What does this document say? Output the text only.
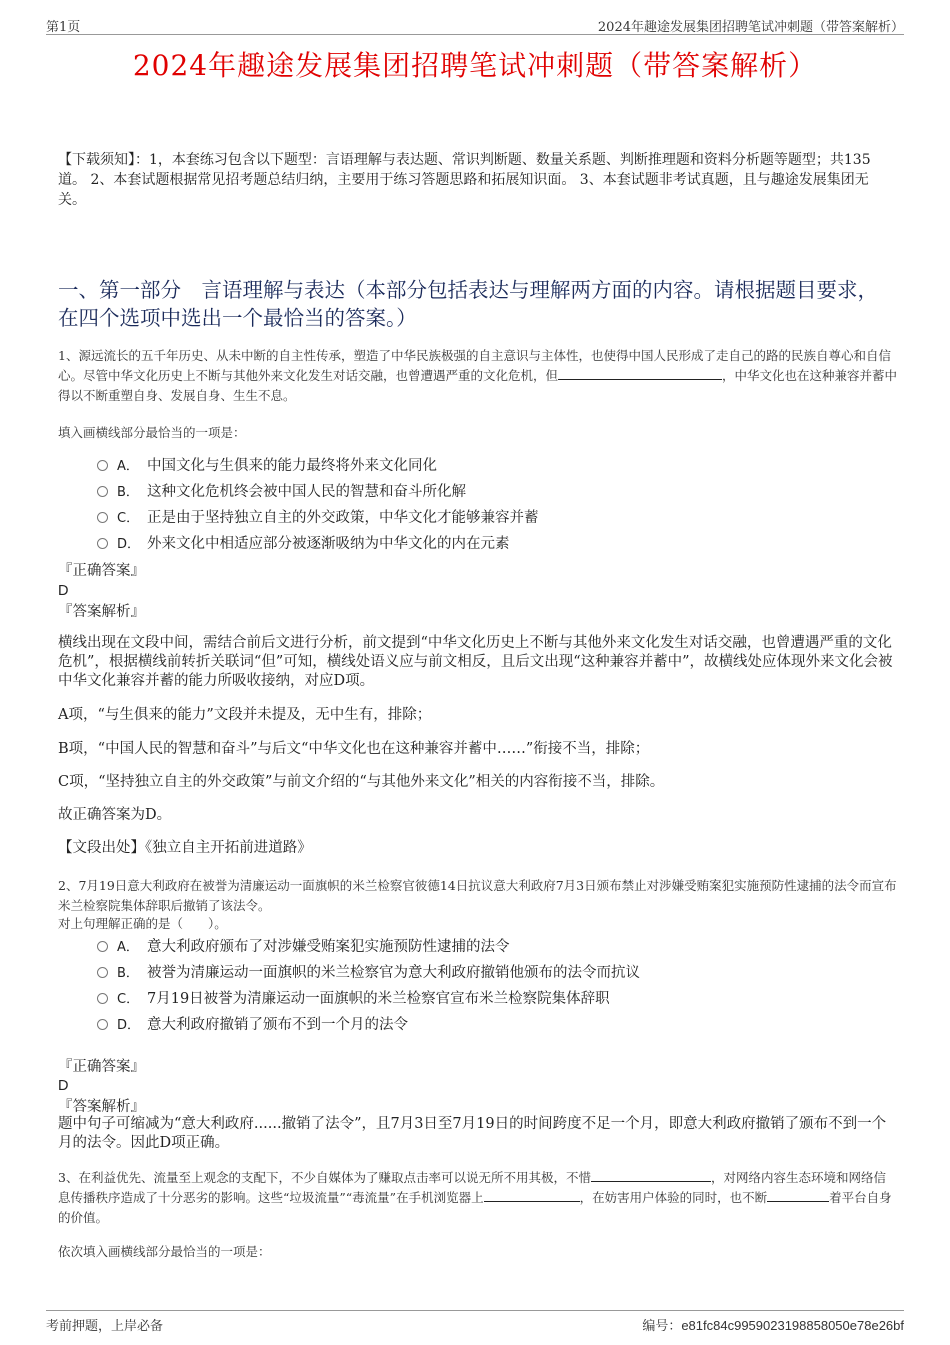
第1页	2024年趣途发展集团招聘笔试冲刺题（带答案解析）
2024年趣途发展集团招聘笔试冲刺题（带答案解析）
【下载须知】：1，本套练习包含以下题型：言语理解与表达题、常识判断题、数量关系题、判断推理题和资料分析题等题型；共135道。 2、本套试题根据常见招考题总结归纳，主要用于练习答题思路和拓展知识面。 3、本套试题非考试真题，且与趣途发展集团无关。
一、第一部分　言语理解与表达（本部分包括表达与理解两方面的内容。请根据题目要求，在四个选项中选出一个最恰当的答案。）
1、源远流长的五千年历史、从未中断的自主性传承，塑造了中华民族极强的自主意识与主体性，也使得中国人民形成了走自己的路的民族自尊心和自信心。尽管中华文化历史上不断与其他外来文化发生对话交融，也曾遭遇严重的文化危机，但	，中华文化也在这种兼容并蓄中得以不断重塑自身、发展自身、生生不息。
填入画横线部分最恰当的一项是：
A． 中国文化与生俱来的能力最终将外来文化同化
B． 这种文化危机终会被中国人民的智慧和奋斗所化解
C． 正是由于坚持独立自主的外交政策，中华文化才能够兼容并蓄
D． 外来文化中相适应部分被逐渐吸纳为中华文化的内在元素
『正确答案』
D
『答案解析』
横线出现在文段中间，需结合前后文进行分析，前文提到“中华文化历史上不断与其他外来文化发生对话交融，也曾遭遇严重的文化危机”，根据横线前转折关联词“但”可知，横线处语义应与前文相反，且后文出现“这种兼容并蓄中”，故横线处应体现外来文化会被中华文化兼容并蓄的能力所吸收接纳，对应D项。
A项，“与生俱来的能力”文段并未提及，无中生有，排除；
B项，“中国人民的智慧和奋斗”与后文“中华文化也在这种兼容并蓄中……”衔接不当，排除；
C项，“坚持独立自主的外交政策”与前文介绍的“与其他外来文化”相关的内容衔接不当，排除。
故正确答案为D。
【文段出处】《独立自主开拓前进道路》
2、7月19日意大利政府在被誉为清廉运动一面旗帜的米兰检察官彼德14日抗议意大利政府7月3日颁布禁止对涉嫌受贿案犯实施预防性逮捕的法令而宣布米兰检察院集体辞职后撤销了该法令。
对上句理解正确的是（　　）。
A． 意大利政府颁布了对涉嫌受贿案犯实施预防性逮捕的法令
B． 被誉为清廉运动一面旗帜的米兰检察官为意大利政府撤销他颁布的法令而抗议
C． 7月19日被誉为清廉运动一面旗帜的米兰检察官宣布米兰检察院集体辞职
D． 意大利政府撤销了颁布不到一个月的法令
『正确答案』
D
『答案解析』
题中句子可缩减为“意大利政府......撤销了法令”，且7月3日至7月19日的时间跨度不足一个月，即意大利政府撤销了颁布不到一个月的法令。因此D项正确。
3、在利益优先、流量至上观念的支配下，不少自媒体为了赚取点击率可以说无所不用其极，不惜	，对网络内容生态环境和网络信息传播秩序造成了十分恶劣的影响。这些“垃圾流量”“毒流量”在手机浏览器上	，在妨害用户体验的同时，也不断	着平台自身的价值。
依次填入画横线部分最恰当的一项是：
考前押题，上岸必备	编号：e81fc84c9959023198858050e78e26bf
